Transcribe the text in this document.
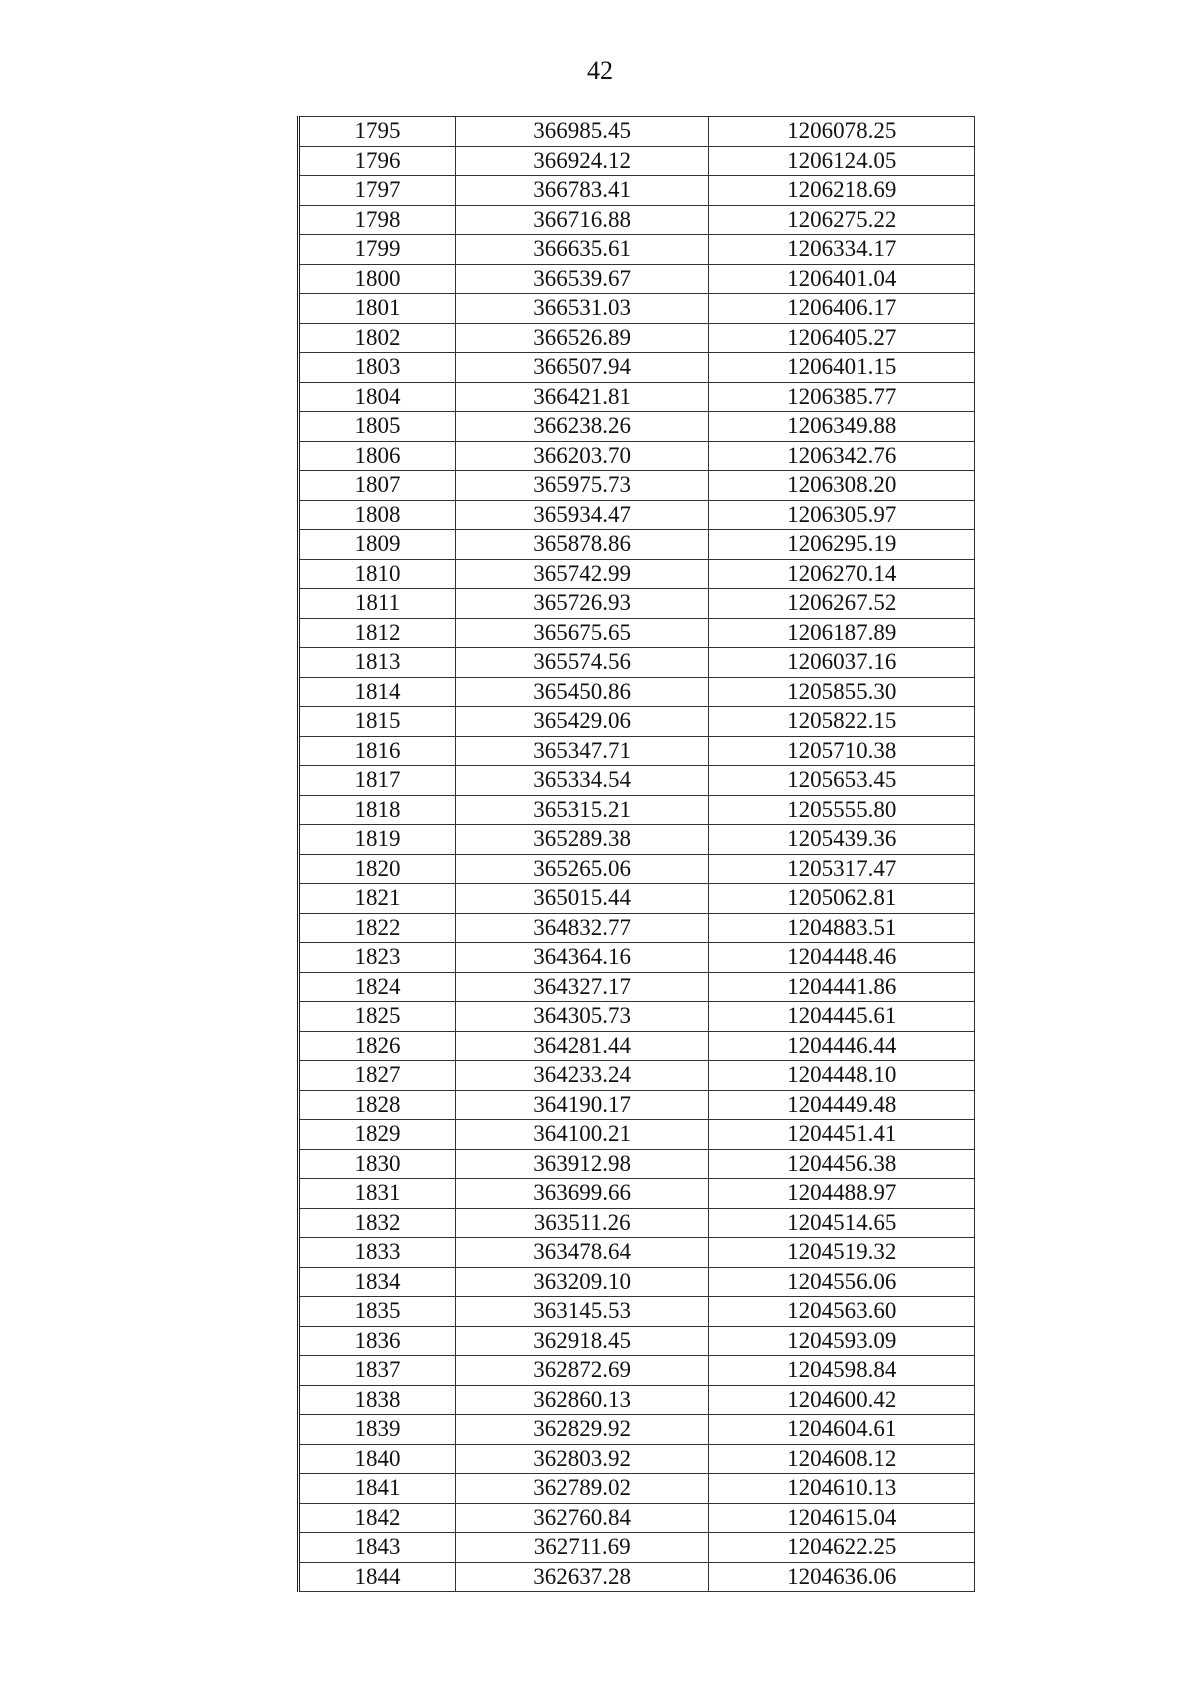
42
1795	366985.45	1206078.25
1796	366924.12	1206124.05
1797	366783.41	1206218.69
1798	366716.88	1206275.22
1799	366635.61	1206334.17
1800	366539.67	1206401.04
1801	366531.03	1206406.17
1802	366526.89	1206405.27
1803	366507.94	1206401.15
1804	366421.81	1206385.77
1805	366238.26	1206349.88
1806	366203.70	1206342.76
1807	365975.73	1206308.20
1808	365934.47	1206305.97
1809	365878.86	1206295.19
1810	365742.99	1206270.14
1811	365726.93	1206267.52
1812	365675.65	1206187.89
1813	365574.56	1206037.16
1814	365450.86	1205855.30
1815	365429.06	1205822.15
1816	365347.71	1205710.38
1817	365334.54	1205653.45
1818	365315.21	1205555.80
1819	365289.38	1205439.36
1820	365265.06	1205317.47
1821	365015.44	1205062.81
1822	364832.77	1204883.51
1823	364364.16	1204448.46
1824	364327.17	1204441.86
1825	364305.73	1204445.61
1826	364281.44	1204446.44
1827	364233.24	1204448.10
1828	364190.17	1204449.48
1829	364100.21	1204451.41
1830	363912.98	1204456.38
1831	363699.66	1204488.97
1832	363511.26	1204514.65
1833	363478.64	1204519.32
1834	363209.10	1204556.06
1835	363145.53	1204563.60
1836	362918.45	1204593.09
1837	362872.69	1204598.84
1838	362860.13	1204600.42
1839	362829.92	1204604.61
1840	362803.92	1204608.12
1841	362789.02	1204610.13
1842	362760.84	1204615.04
1843	362711.69	1204622.25
1844	362637.28	1204636.06
